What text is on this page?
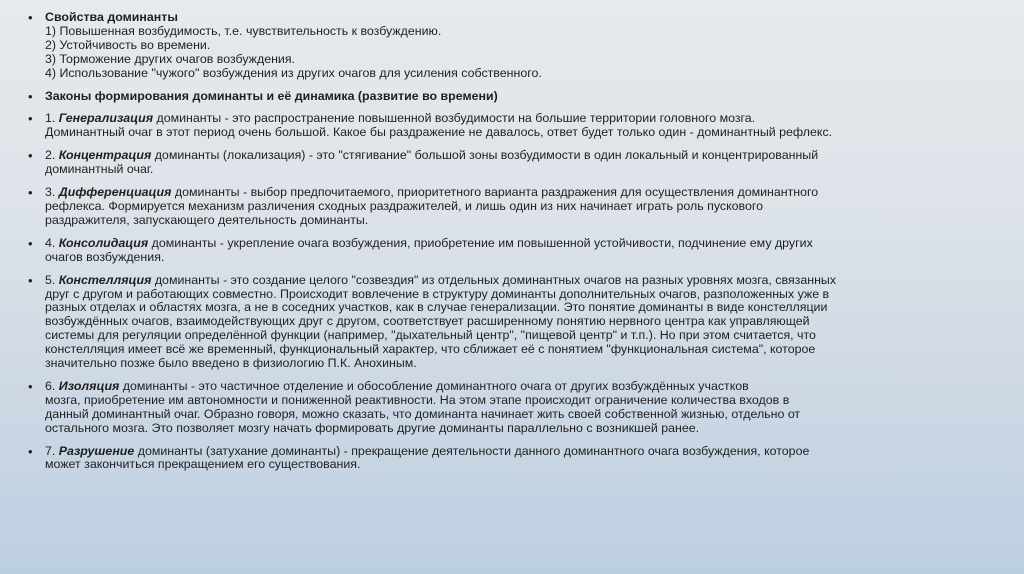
• Свойства доминанты
1) Повышенная возбудимость, т.е. чувствительность к возбуждению.
2) Устойчивость во времени.
3) Торможение других очагов возбуждения.
4) Использование "чужого" возбуждения из других очагов для усиления собственного.
• Законы формирования доминанты и её динамика (развитие во времени)
• 1. Генерализация доминанты - это распространение повышенной возбудимости на большие территории головного мозга.
Доминантный очаг в этот период очень большой. Какое бы раздражение не давалось, ответ будет только один - доминантный рефлекс.
• 2. Концентрация доминанты (локализация) - это "стягивание" большой зоны возбудимости в один локальный и концентрированный
доминантный очаг.
• 3. Дифференциация доминанты - выбор предпочитаемого, приоритетного варианта раздражения для осуществления доминантного
рефлекса. Формируется механизм различения сходных раздражителей, и лишь один из них начинает играть роль пускового
раздражителя, запускающего деятельность доминанты.
• 4. Консолидация доминанты - укрепление очага возбуждения, приобретение им повышенной устойчивости, подчинение ему других
очагов возбуждения.
• 5. Констелляция доминанты - это создание целого "созвездия" из отдельных доминантных очагов на разных уровнях мозга, связанных
друг с другом и работающих совместно. Происходит вовлечение в структуру доминанты дополнительных очагов, разположенных уже в
разных отделах и областях мозга, а не в соседних участков, как в случае генерализации. Это понятие доминанты в виде констелляции
возбуждённых очагов, взаимодействующих друг с другом, соответствует расширенному понятию нервного центра как управляющей
системы для регуляции определённой функции (например, "дыхательный центр", "пищевой центр" и т.п.). Но при этом считается, что
констелляция имеет всё же временный, функциональный характер, что сближает её с понятием "функциональная система", которое
значительно позже было введено в физиологию П.К. Анохиным.
• 6. Изоляция доминанты - это частичное отделение и обособление доминантного очага от других возбуждённых участков
мозга, приобретение им автономности и пониженной реактивности. На этом этапе происходит ограничение количества входов в
данный доминантный очаг. Образно говоря, можно сказать, что доминанта начинает жить своей собственной жизнью, отдельно от
остального мозга. Это позволяет мозгу начать формировать другие доминанты параллельно с возникшей ранее.
• 7. Разрушение доминанты (затухание доминанты) - прекращение деятельности данного доминантного очага возбуждения, которое
может закончиться прекращением его существования.
